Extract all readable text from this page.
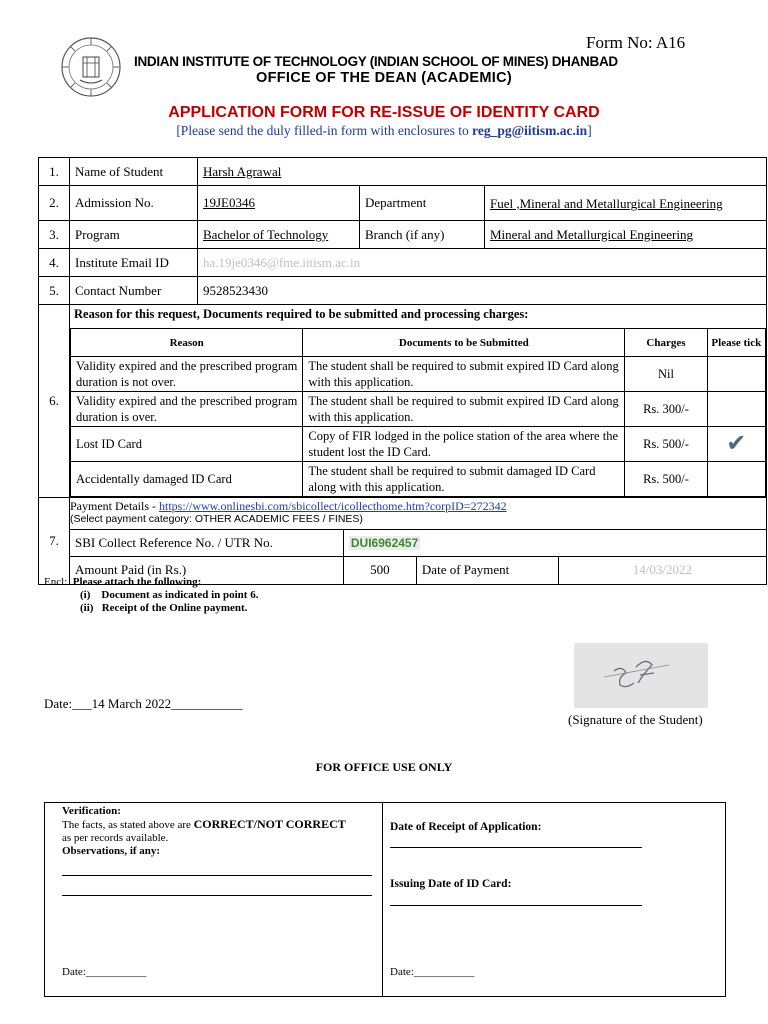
Form No: A16
INDIAN INSTITUTE OF TECHNOLOGY (INDIAN SCHOOL OF MINES) DHANBAD
OFFICE OF THE DEAN (ACADEMIC)
APPLICATION FORM FOR RE-ISSUE OF IDENTITY CARD
[Please send the duly filled-in form with enclosures to reg_pg@iitism.ac.in]
1.	Name of Student	Harsh Agrawal
2.	Admission No.	19JE0346	Department	Fuel ,Mineral and Metallurgical Engineering
3.	Program	Bachelor of Technology	Branch (if any)	Mineral and Metallurgical Engineering
4.	Institute Email ID	ha.19je0346@fme.iitism.ac.in
5.	Contact Number	9528523430
6.	
Reason for this request, Documents required to be submitted and processing charges:
Reason	Documents to be Submitted	Charges	Please tick
Validity expired and the prescribed program duration is not over.	The student shall be required to submit expired ID Card along with this application.	Nil	
Validity expired and the prescribed program duration is over.	The student shall be required to submit expired ID Card along with this application.	Rs. 300/-	
Lost ID Card	Copy of FIR lodged in the police station of the area where the student lost the ID Card.	Rs. 500/-	✔
Accidentally damaged ID Card	The student shall be required to submit damaged ID Card along with this application.	Rs. 500/-	

7.	
Payment Details - https://www.onlinesbi.com/sbicollect/icollecthome.htm?corpID=272342
(Select payment category: OTHER ACADEMIC FEES / FINES)
SBI Collect Reference No. / UTR No.	DUI6962457
Amount Paid (in Rs.)	500	Date of Payment	14/03/2022
Encl: Please attach the following:
(i)    Document as indicated in point 6.
(ii)   Receipt of the Online payment.
Date:___14 March 2022___________
(Signature of the Student)
FOR OFFICE USE ONLY
Verification:
The facts, as stated above are CORRECT/NOT CORRECT
as per records available.
Observations, if any:
Date:___________
Date of Receipt of Application:
Issuing Date of ID Card:
Date:___________
